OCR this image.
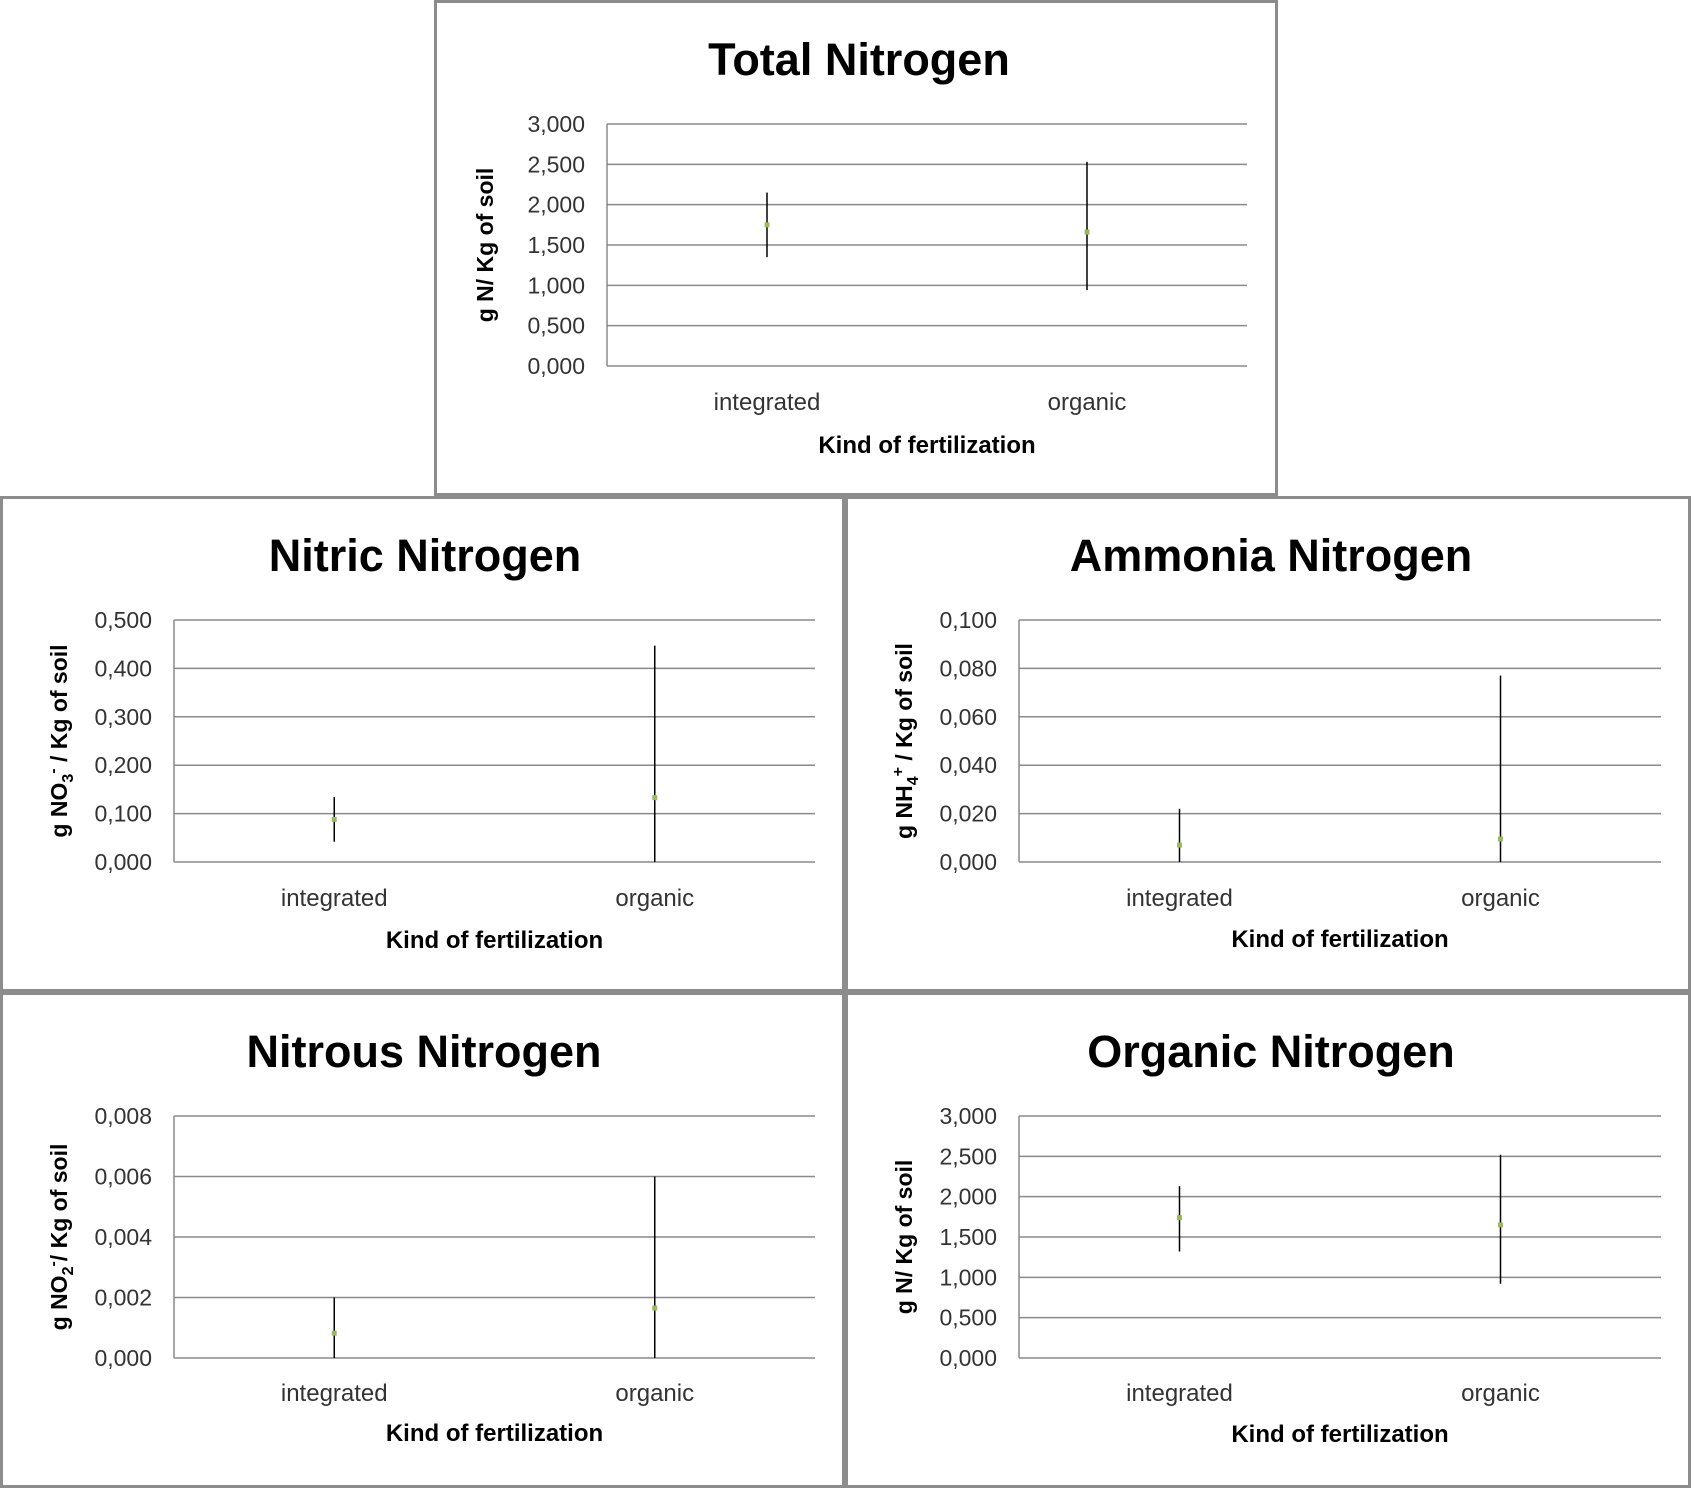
Total Nitrogen
0,000
0,500
1,000
1,500
2,000
2,500
3,000
integrated	organic
Kind of fertilization
g N/ Kg of soil
Nitric Nitrogen
0,000
0,100
0,200
0,300
0,400
0,500
integrated	organic
Kind of fertilization
g $NO_3^-$ / Kg of soil
Ammonia Nitrogen
0,000
0,020
0,040
0,060
0,080
0,100
integrated	organic
Kind of fertilization
g $NH_4^+$ / Kg of soil
Nitrous Nitrogen
0,000
0,002
0,004
0,006
0,008
integrated	organic
Kind of fertilization
g $NO_2^-/$ Kg of soil
Organic Nitrogen
0,000
0,500
1,000
1,500
2,000
2,500
3,000
integrated	organic
Kind of fertilization
g N/ Kg of soil
